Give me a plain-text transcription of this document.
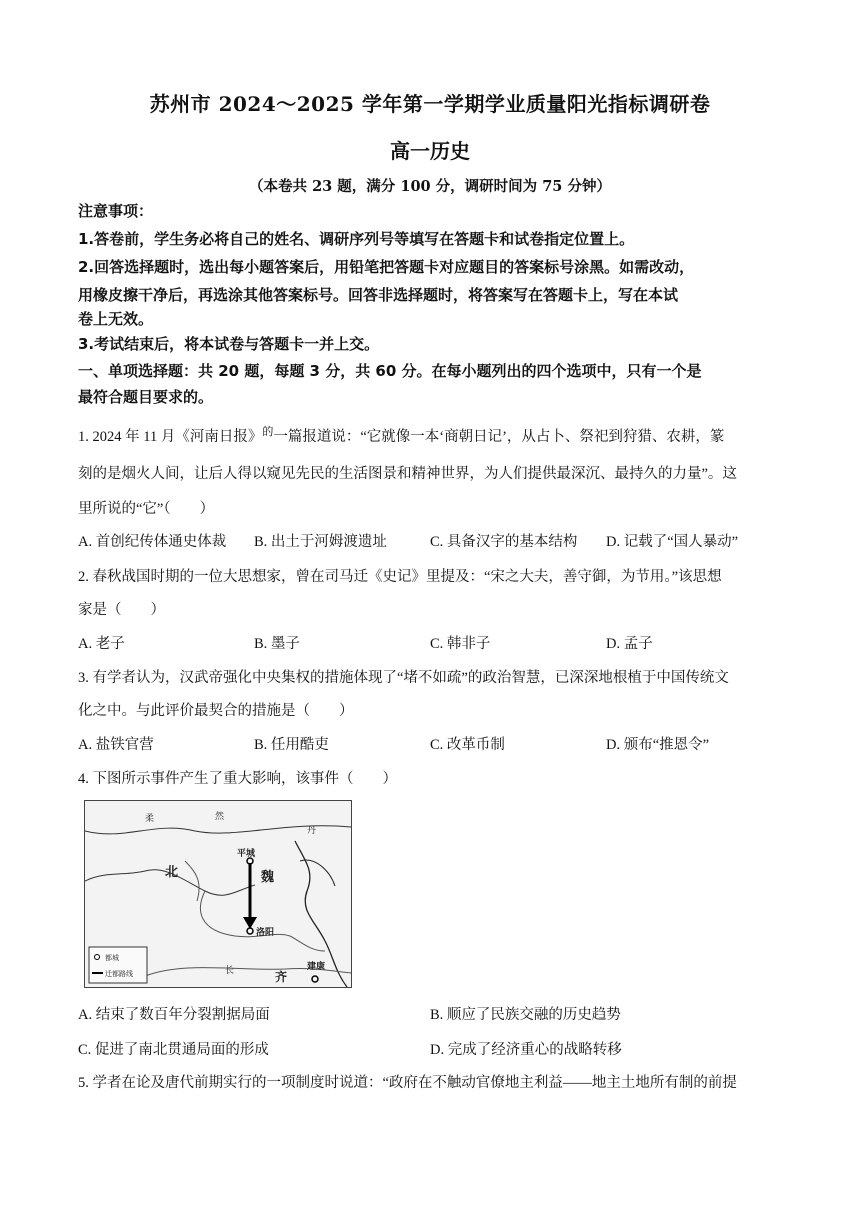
苏州市 2024～2025 学年第一学期学业质量阳光指标调研卷
高一历史
（本卷共 23 题，满分 100 分，调研时间为 75 分钟）
注意事项：
1.答卷前，学生务必将自己的姓名、调研序列号等填写在答题卡和试卷指定位置上。
2.回答选择题时，选出每小题答案后，用铅笔把答题卡对应题目的答案标号涂黑。如需改动，
用橡皮擦干净后，再选涂其他答案标号。回答非选择题时，将答案写在答题卡上，写在本试
卷上无效。
3.考试结束后，将本试卷与答题卡一并上交。
一、单项选择题：共 20 题，每题 3 分，共 60 分。在每小题列出的四个选项中，只有一个是
最符合题目要求的。
1. 2024 年 11 月《河南日报》$^的$一篇报道说：“它就像一本‘商朝日记’，从占卜、祭祀到狩猎、农耕，篆
刻的是烟火人间，让后人得以窥见先民的生活图景和精神世界，为人们提供最深沉、最持久的力量”。这
里所说的“它”（　　）
A. 首创纪传体通史体裁 B. 出土于河姆渡遗址	C. 具备汉字的基本结构 D. 记载了“国人暴动”
2. 春秋战国时期的一位大思想家，曾在司马迁《史记》里提及：“宋之大夫，善守御，为节用。”该思想
家是（　　）
A. 老子	B. 墨子	C. 韩非子	D. 孟子
3. 有学者认为，汉武帝强化中央集权的措施体现了“堵不如疏”的政治智慧，已深深地根植于中国传统文
化之中。与此评价最契合的措施是（　　）
A. 盐铁官营	B. 任用酷吏	C. 改革币制	D. 颁布“推恩令”
4. 下图所示事件产生了重大影响，该事件（　　）
柔	然
丹
北	魏
平城
洛阳
建康
齐
长
都城
迁都路线
A. 结束了数百年分裂割据局面	B. 顺应了民族交融的历史趋势
C. 促进了南北贯通局面的形成	D. 完成了经济重心的战略转移
5. 学者在论及唐代前期实行的一项制度时说道：“政府在不触动官僚地主利益——地主土地所有制的前提
